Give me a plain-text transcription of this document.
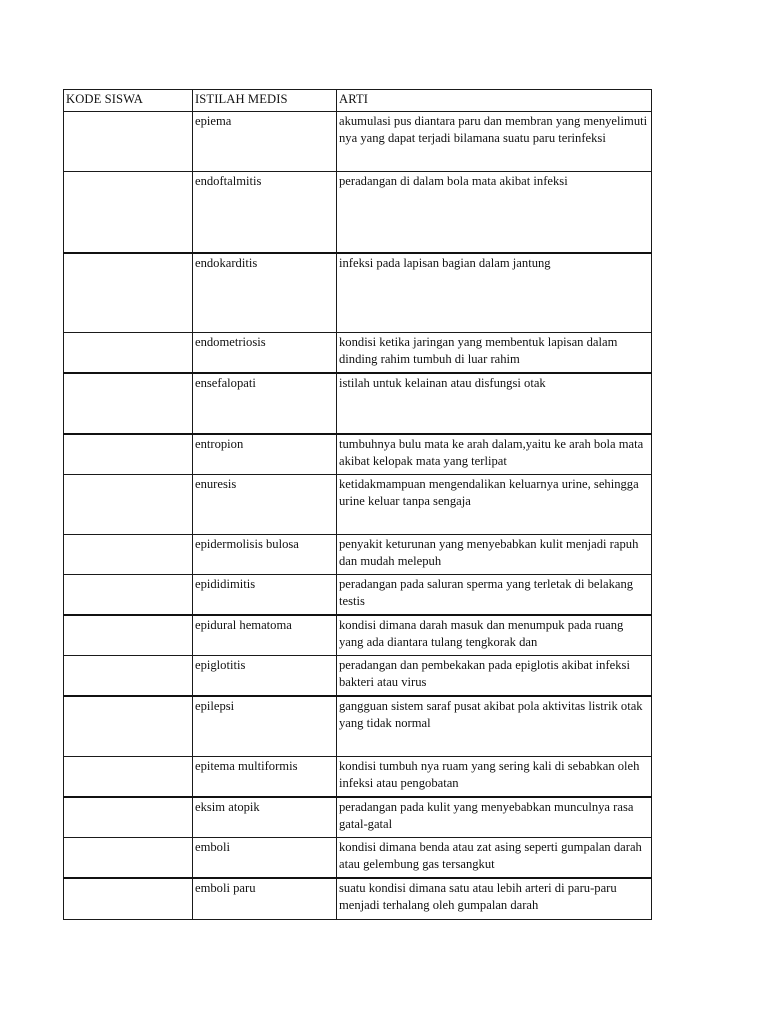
KODE SISWA	ISTILAH MEDIS	ARTI
	epiema	akumulasi pus diantara paru dan membran yang menyelimuti nya yang dapat terjadi bilamana suatu paru terinfeksi
	endoftalmitis	peradangan di dalam bola mata akibat infeksi
	endokarditis	infeksi pada lapisan bagian dalam jantung
	endometriosis	kondisi ketika jaringan yang membentuk lapisan dalam dinding rahim tumbuh di luar rahim
	ensefalopati	istilah untuk kelainan atau disfungsi otak
	entropion	tumbuhnya bulu mata ke arah dalam,yaitu ke arah bola mata akibat kelopak mata yang terlipat
	enuresis	ketidakmampuan mengendalikan keluarnya urine, sehingga urine keluar tanpa sengaja
	epidermolisis bulosa	penyakit keturunan yang menyebabkan kulit menjadi rapuh dan mudah melepuh
	epididimitis	peradangan pada saluran sperma yang terletak di belakang testis
	epidural hematoma	kondisi dimana darah masuk dan menumpuk pada ruang yang ada diantara tulang tengkorak dan

	epiglotitis	peradangan dan pembekakan pada epiglotis akibat infeksi bakteri atau virus
	epilepsi	gangguan sistem saraf pusat akibat pola aktivitas listrik otak yang tidak normal
	epitema multiformis	kondisi tumbuh nya ruam yang sering kali di sebabkan oleh infeksi atau pengobatan
	eksim atopik	peradangan pada kulit yang menyebabkan munculnya rasa gatal-gatal
	emboli	kondisi dimana benda atau zat asing seperti gumpalan darah atau gelembung gas tersangkut

	emboli paru	suatu kondisi dimana satu atau lebih arteri di paru-paru menjadi terhalang oleh gumpalan darah
